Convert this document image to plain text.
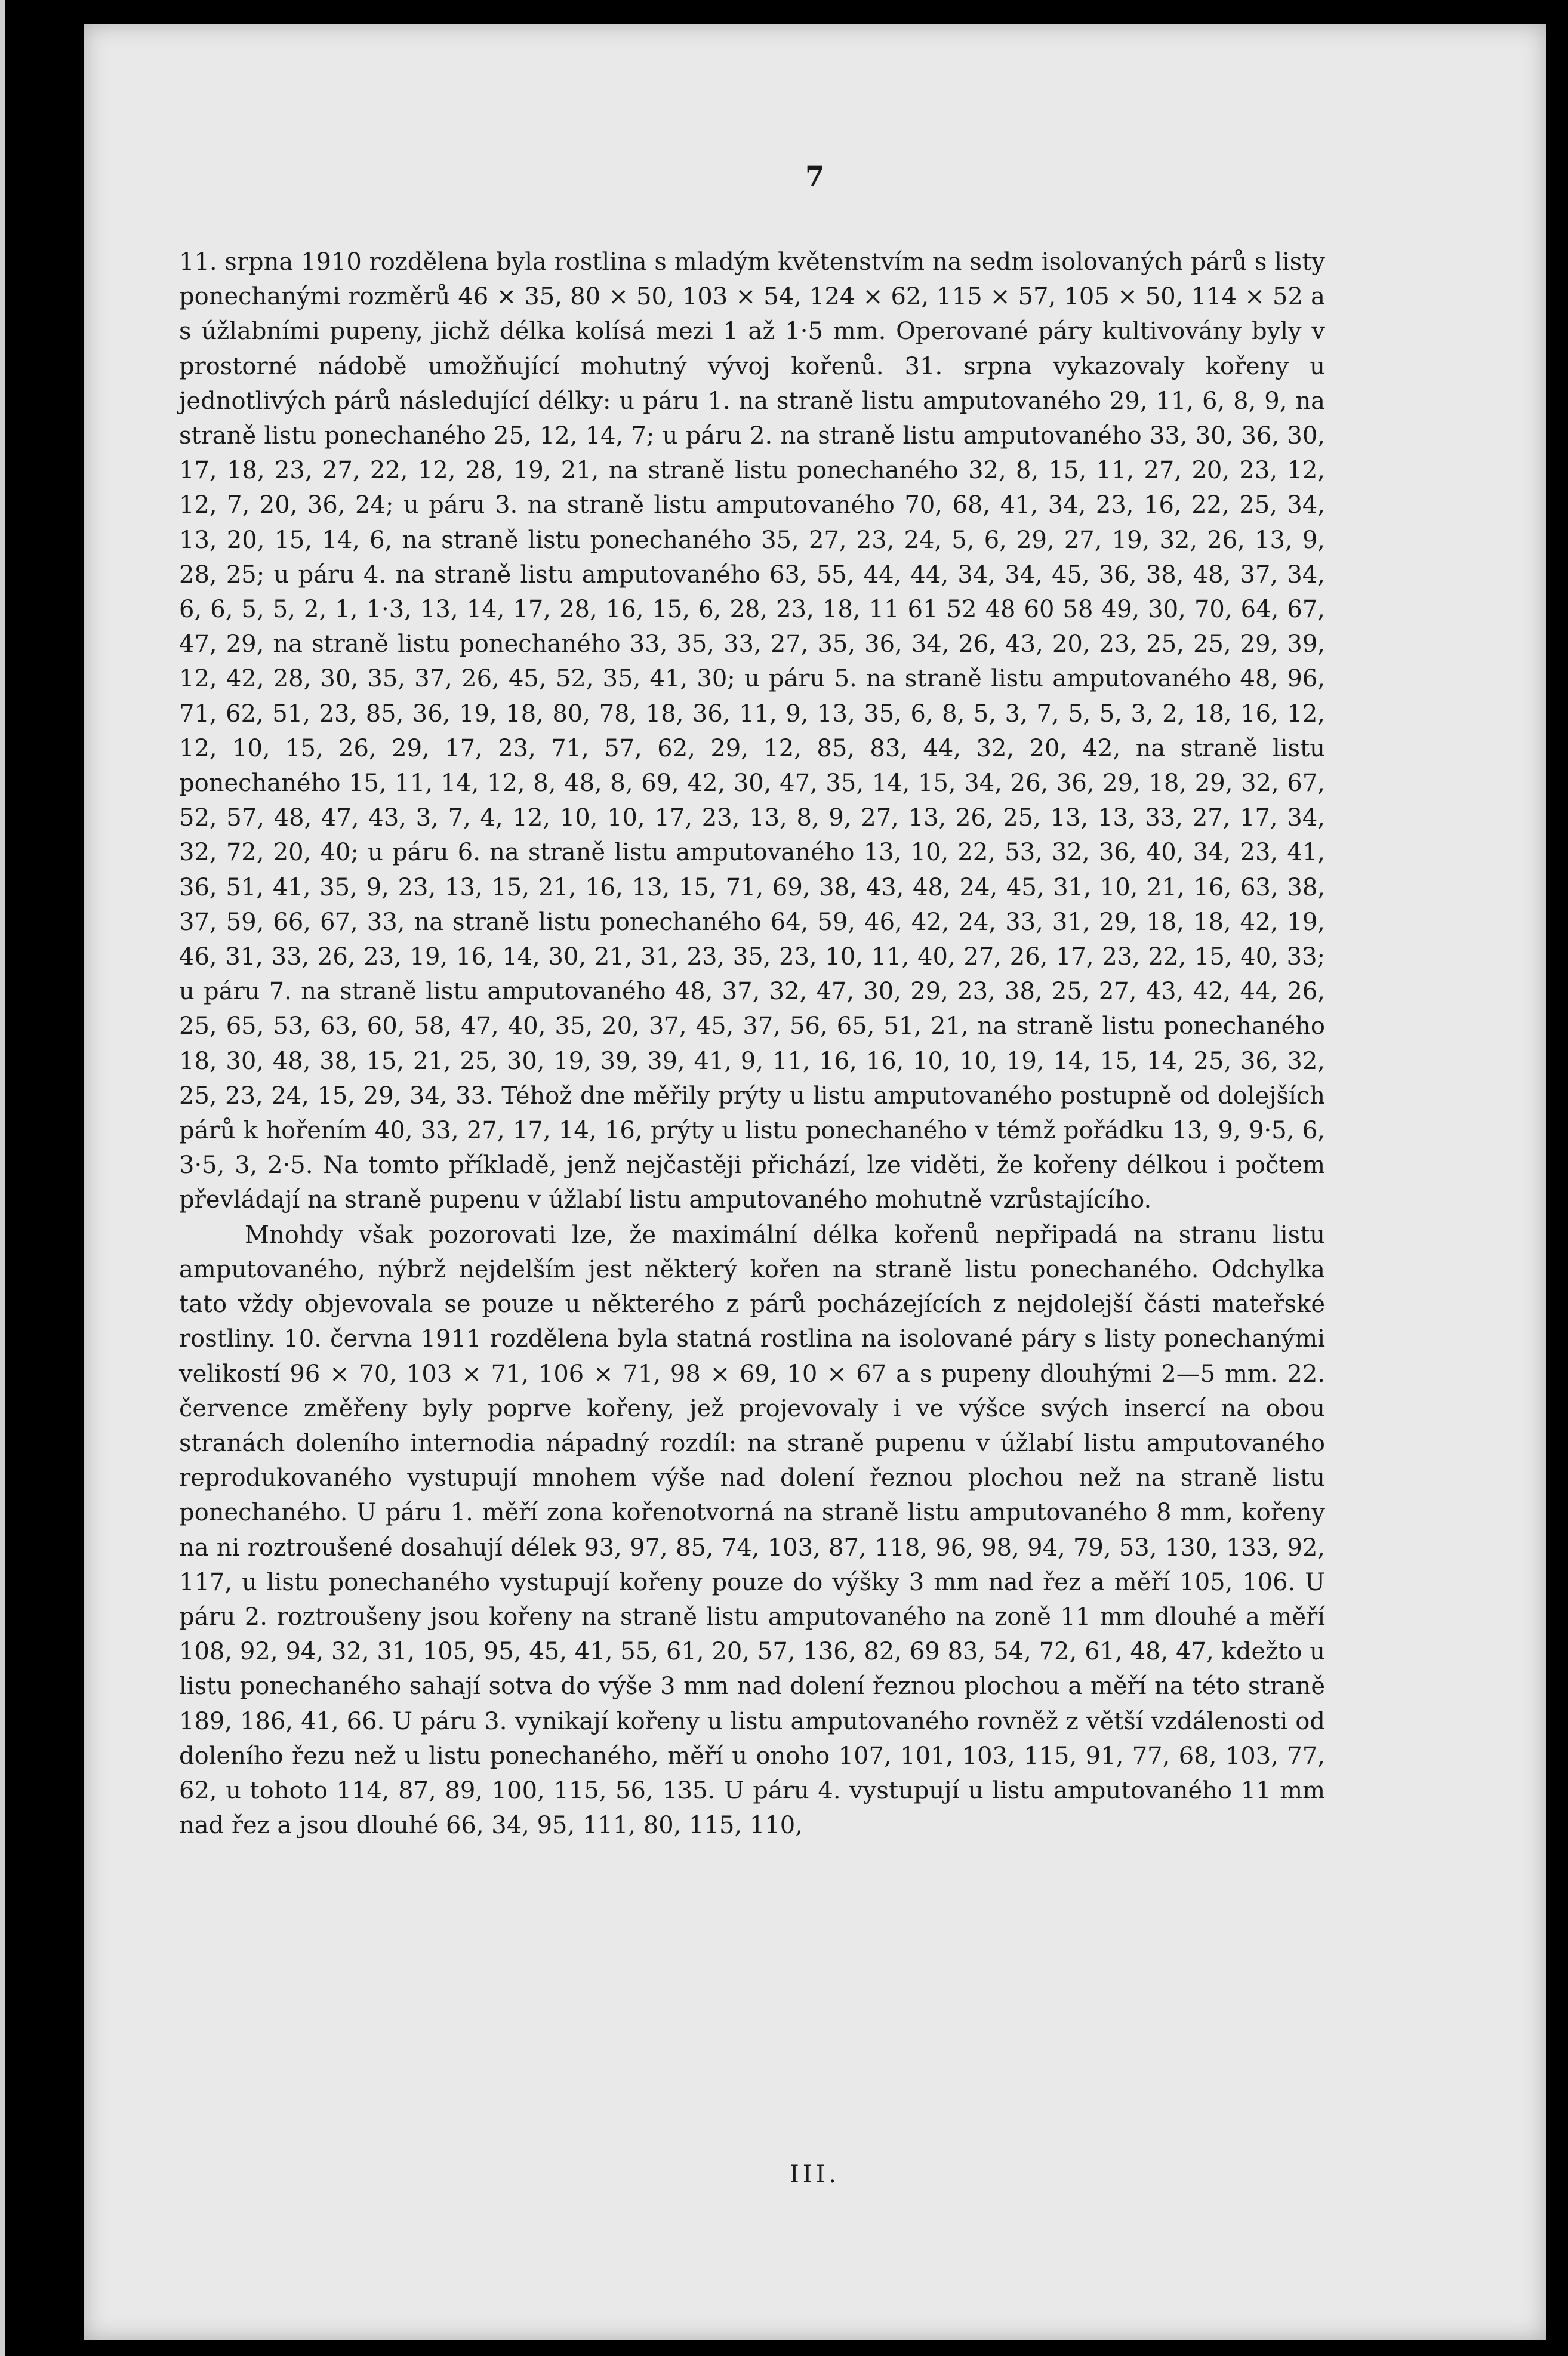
7

11. srpna 1910 rozdělena byla rostlina s mladým květenstvím na sedm isolovaných párů s listy ponechanými rozměrů 46 × 35, 80 × 50, 103 × 54, 124 × 62, 115 × 57, 105 × 50, 114 × 52 a s úžlabními pupeny, jichž délka kolísá mezi 1 až 1·5 mm. Operované páry kultivovány byly v prostorné nádobě umožňující mohutný vývoj kořenů. 31. srpna vykazovaly kořeny u jednotlivých párů následující délky: u páru 1. na straně listu amputovaného 29, 11, 6, 8, 9, na straně listu ponechaného 25, 12, 14, 7; u páru 2. na straně listu amputovaného 33, 30, 36, 30, 17, 18, 23, 27, 22, 12, 28, 19, 21, na straně listu ponechaného 32, 8, 15, 11, 27, 20, 23, 12, 12, 7, 20, 36, 24; u páru 3. na straně listu amputovaného 70, 68, 41, 34, 23, 16, 22, 25, 34, 13, 20, 15, 14, 6, na straně listu ponechaného 35, 27, 23, 24, 5, 6, 29, 27, 19, 32, 26, 13, 9, 28, 25; u páru 4. na straně listu amputovaného 63, 55, 44, 44, 34, 34, 45, 36, 38, 48, 37, 34, 6, 6, 5, 5, 2, 1, 1·3, 13, 14, 17, 28, 16, 15, 6, 28, 23, 18, 11 61 52 48 60 58 49, 30, 70, 64, 67, 47, 29, na straně listu ponechaného 33, 35, 33, 27, 35, 36, 34, 26, 43, 20, 23, 25, 25, 29, 39, 12, 42, 28, 30, 35, 37, 26, 45, 52, 35, 41, 30; u páru 5. na straně listu amputovaného 48, 96, 71, 62, 51, 23, 85, 36, 19, 18, 80, 78, 18, 36, 11, 9, 13, 35, 6, 8, 5, 3, 7, 5, 5, 3, 2, 18, 16, 12, 12, 10, 15, 26, 29, 17, 23, 71, 57, 62, 29, 12, 85, 83, 44, 32, 20, 42, na straně listu ponechaného 15, 11, 14, 12, 8, 48, 8, 69, 42, 30, 47, 35, 14, 15, 34, 26, 36, 29, 18, 29, 32, 67, 52, 57, 48, 47, 43, 3, 7, 4, 12, 10, 10, 17, 23, 13, 8, 9, 27, 13, 26, 25, 13, 13, 33, 27, 17, 34, 32, 72, 20, 40; u páru 6. na straně listu amputovaného 13, 10, 22, 53, 32, 36, 40, 34, 23, 41, 36, 51, 41, 35, 9, 23, 13, 15, 21, 16, 13, 15, 71, 69, 38, 43, 48, 24, 45, 31, 10, 21, 16, 63, 38, 37, 59, 66, 67, 33, na straně listu ponechaného 64, 59, 46, 42, 24, 33, 31, 29, 18, 18, 42, 19, 46, 31, 33, 26, 23, 19, 16, 14, 30, 21, 31, 23, 35, 23, 10, 11, 40, 27, 26, 17, 23, 22, 15, 40, 33; u páru 7. na straně listu amputovaného 48, 37, 32, 47, 30, 29, 23, 38, 25, 27, 43, 42, 44, 26, 25, 65, 53, 63, 60, 58, 47, 40, 35, 20, 37, 45, 37, 56, 65, 51, 21, na straně listu ponechaného 18, 30, 48, 38, 15, 21, 25, 30, 19, 39, 39, 41, 9, 11, 16, 16, 10, 10, 19, 14, 15, 14, 25, 36, 32, 25, 23, 24, 15, 29, 34, 33. Téhož dne měřily prýty u listu amputovaného postupně od dolejších párů k hořením 40, 33, 27, 17, 14, 16, prýty u listu ponechaného v témž pořádku 13, 9, 9·5, 6, 3·5, 3, 2·5. Na tomto příkladě, jenž nejčastěji přichází, lze viděti, že kořeny délkou i počtem převládají na straně pupenu v úžlabí listu amputovaného mohutně vzrůstajícího.

Mnohdy však pozorovati lze, že maximální délka kořenů nepřipadá na stranu listu amputovaného, nýbrž nejdelším jest některý kořen na straně listu ponechaného. Odchylka tato vždy objevovala se pouze u některého z párů pocházejících z nejdolejší části mateřské rostliny. 10. června 1911 rozdělena byla statná rostlina na isolované páry s listy ponechanými velikostí 96 × 70, 103 × 71, 106 × 71, 98 × 69, 10 × 67 a s pupeny dlouhými 2—5 mm. 22. července změřeny byly poprve kořeny, jež projevovaly i ve výšce svých insercí na obou stranách doleního internodia nápadný rozdíl: na straně pupenu v úžlabí listu amputovaného reprodukovaného vystupují mnohem výše nad dolení řeznou plochou než na straně listu ponechaného. U páru 1. měří zona kořenotvorná na straně listu amputovaného 8 mm, kořeny na ni roztroušené dosahují délek 93, 97, 85, 74, 103, 87, 118, 96, 98, 94, 79, 53, 130, 133, 92, 117, u listu ponechaného vystupují kořeny pouze do výšky 3 mm nad řez a měří 105, 106. U páru 2. roztroušeny jsou kořeny na straně listu amputovaného na zoně 11 mm dlouhé a měří 108, 92, 94, 32, 31, 105, 95, 45, 41, 55, 61, 20, 57, 136, 82, 69 83, 54, 72, 61, 48, 47, kdežto u listu ponechaného sahají sotva do výše 3 mm nad dolení řeznou plochou a měří na této straně 189, 186, 41, 66. U páru 3. vynikají kořeny u listu amputovaného rovněž z větší vzdálenosti od doleního řezu než u listu ponechaného, měří u onoho 107, 101, 103, 115, 91, 77, 68, 103, 77, 62, u tohoto 114, 87, 89, 100, 115, 56, 135. U páru 4. vystupují u listu amputovaného 11 mm nad řez a jsou dlouhé 66, 34, 95, 111, 80, 115, 110,

III.
